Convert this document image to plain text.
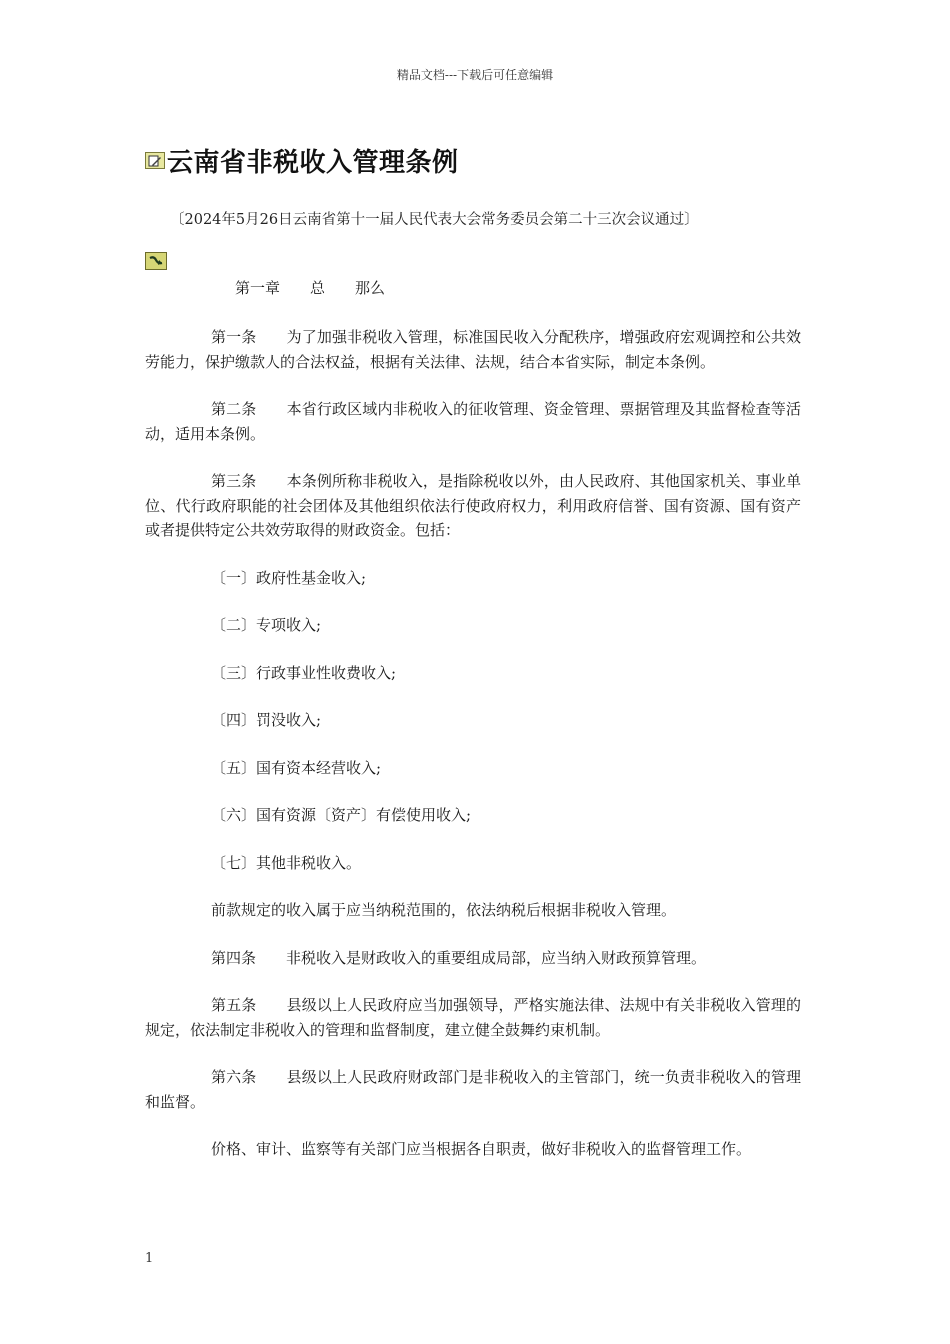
精品文档---下载后可任意编辑
云南省非税收入管理条例
〔2024年5月26日云南省第十一届人民代表大会常务委员会第二十三次会议通过〕
第一章　　总　　那么

第一条　　为了加强非税收入管理，标准国民收入分配秩序，增强政府宏观调控和公共效劳能力，保护缴款人的合法权益，根据有关法律、法规，结合本省实际，制定本条例。

第二条　　本省行政区域内非税收入的征收管理、资金管理、票据管理及其监督检查等活动，适用本条例。

第三条　　本条例所称非税收入，是指除税收以外，由人民政府、其他国家机关、事业单位、代行政府职能的社会团体及其他组织依法行使政府权力，利用政府信誉、国有资源、国有资产或者提供特定公共效劳取得的财政资金。包括：

〔一〕政府性基金收入;

〔二〕专项收入;

〔三〕行政事业性收费收入;

〔四〕罚没收入;

〔五〕国有资本经营收入;

〔六〕国有资源〔资产〕有偿使用收入;

〔七〕其他非税收入。

前款规定的收入属于应当纳税范围的，依法纳税后根据非税收入管理。

第四条　　非税收入是财政收入的重要组成局部，应当纳入财政预算管理。

第五条　　县级以上人民政府应当加强领导，严格实施法律、法规中有关非税收入管理的规定，依法制定非税收入的管理和监督制度，建立健全鼓舞约束机制。

第六条　　县级以上人民政府财政部门是非税收入的主管部门，统一负责非税收入的管理和监督。

价格、审计、监察等有关部门应当根据各自职责，做好非税收入的监督管理工作。

1
